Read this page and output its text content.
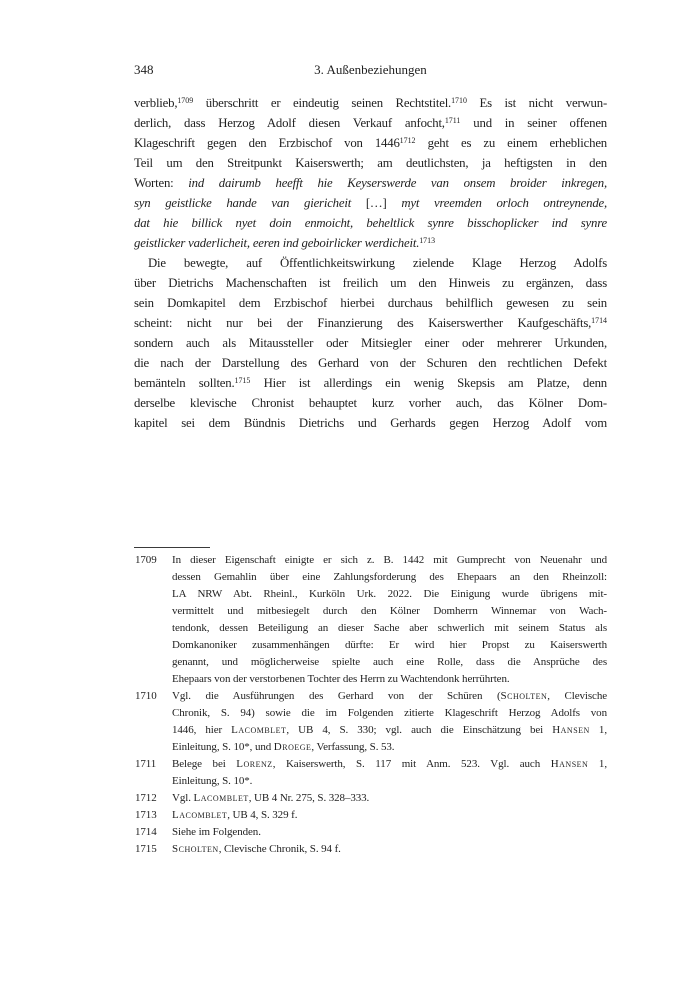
348	3. Außenbeziehungen
verblieb,$^{1709}$ überschritt er eindeutig seinen Rechtstitel.$^{1710}$ Es ist nicht verwun-
derlich, dass Herzog Adolf diesen Verkauf anfocht,$^{1711}$ und in seiner offenen
Klageschrift gegen den Erzbischof von $1446^{1712}$ geht es zu einem erheblichen
Teil um den Streitpunkt Kaiserswerth; am deutlichsten, ja heftigsten in den
Worten: ind dairumb heefft hie Keyserswerde van onsem broider inkregen,
syn geistlicke hande van giericheit […] myt vreemden orloch ontreynende,
dat hie billick nyet doin enmoicht, beheltlick synre bisschoplicker ind synre
geistlicker vaderlicheit, eeren ind geboirlicker werdicheit.$^{1713}$
Die bewegte, auf Öffentlichkeitswirkung zielende Klage Herzog Adolfs
über Dietrichs Machenschaften ist freilich um den Hinweis zu ergänzen, dass
sein Domkapitel dem Erzbischof hierbei durchaus behilflich gewesen zu sein
scheint: nicht nur bei der Finanzierung des Kaiserswerther Kaufgeschäfts,$^{1714}$
sondern auch als Mitaussteller oder Mitsiegler einer oder mehrerer Urkunden,
die nach der Darstellung des Gerhard von der Schuren den rechtlichen Defekt
bemänteln sollten.$^{1715}$ Hier ist allerdings ein wenig Skepsis am Platze, denn
derselbe klevische Chronist behauptet kurz vorher auch, das Kölner Dom-
kapitel sei dem Bündnis Dietrichs und Gerhards gegen Herzog Adolf vom
1709 In dieser Eigenschaft einigte er sich z. B. 1442 mit Gumprecht von Neuenahr und
dessen Gemahlin über eine Zahlungsforderung des Ehepaars an den Rheinzoll:
LA NRW Abt. Rheinl., Kurköln Urk. 2022. Die Einigung wurde übrigens mit-
vermittelt und mitbesiegelt durch den Kölner Domherrn Winnemar von Wach-
tendonk, dessen Beteiligung an dieser Sache aber schwerlich mit seinem Status als
Domkanoniker zusammenhängen dürfte: Er wird hier Propst zu Kaiserswerth
genannt, und möglicherweise spielte auch eine Rolle, dass die Ansprüche des
Ehepaars von der verstorbenen Tochter des Herrn zu Wachtendonk herrührten.
1710 Vgl. die Ausführungen des Gerhard von der Schüren (Scholten, Clevische
Chronik, S. 94) sowie die im Folgenden zitierte Klageschrift Herzog Adolfs von
1446, hier Lacomblet, UB 4, S. 330; vgl. auch die Einschätzung bei Hansen 1,
Einleitung, S. 10*, und Droege, Verfassung, S. 53.
1711 Belege bei Lorenz, Kaiserswerth, S. 117 mit Anm. 523. Vgl. auch Hansen 1,
Einleitung, S. 10*.
1712 Vgl. Lacomblet, UB 4 Nr. 275, S. 328–333.
1713 Lacomblet, UB 4, S. 329 f.
1714 Siehe im Folgenden.
1715 Scholten, Clevische Chronik, S. 94 f.
